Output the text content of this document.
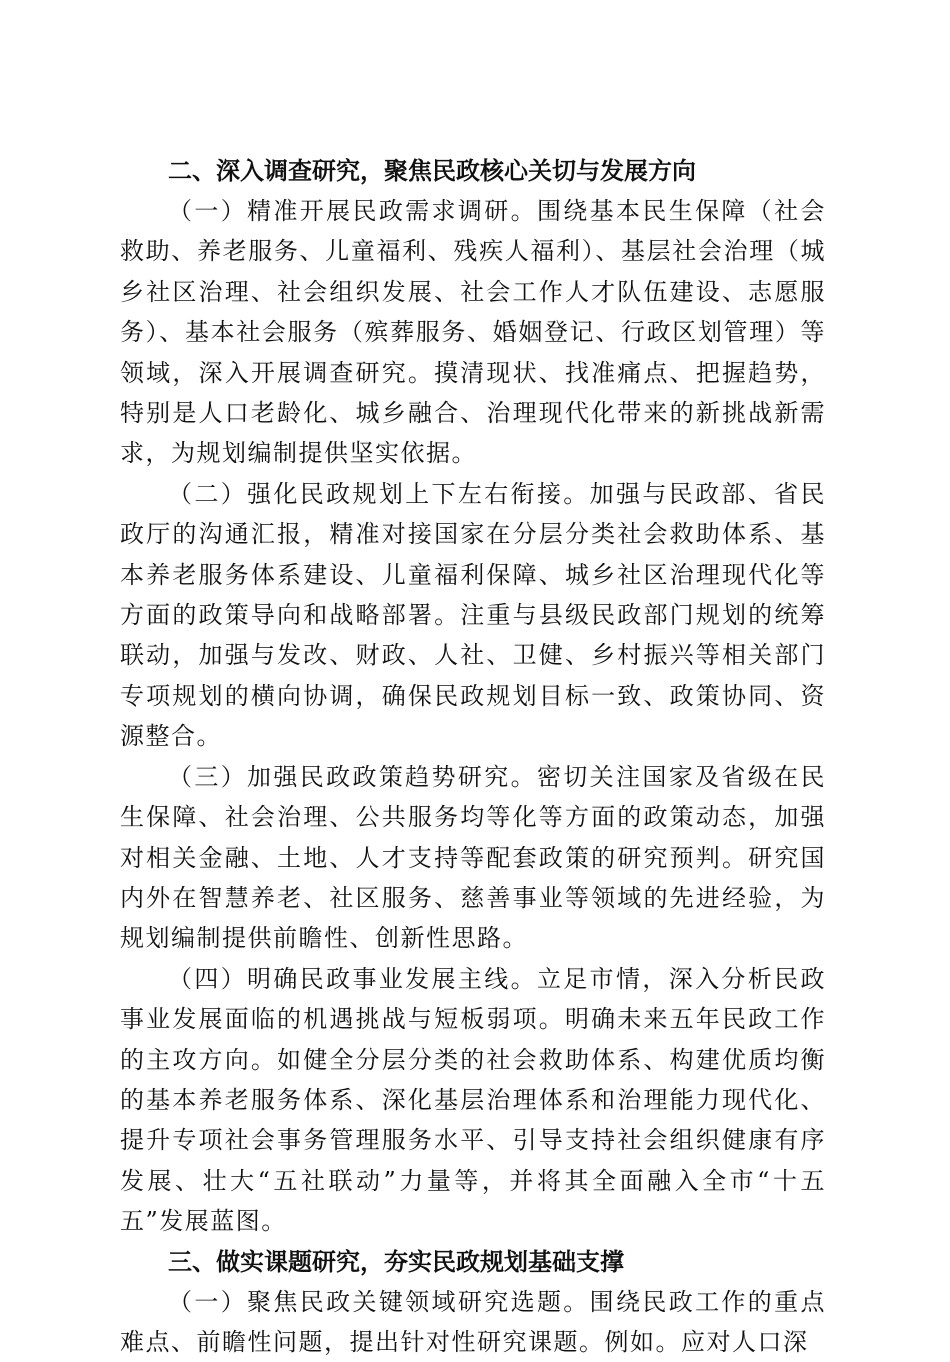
二、深入调查研究，聚焦民政核心关切与发展方向

（一）精准开展民政需求调研。围绕基本民生保障（社会救助、养老服务、儿童福利、残疾人福利）、基层社会治理（城乡社区治理、社会组织发展、社会工作人才队伍建设、志愿服务）、基本社会服务（殡葬服务、婚姻登记、行政区划管理）等领域，深入开展调查研究。摸清现状、找准痛点、把握趋势，特别是人口老龄化、城乡融合、治理现代化带来的新挑战新需求，为规划编制提供坚实依据。

（二）强化民政规划上下左右衔接。加强与民政部、省民政厅的沟通汇报，精准对接国家在分层分类社会救助体系、基本养老服务体系建设、儿童福利保障、城乡社区治理现代化等方面的政策导向和战略部署。注重与县级民政部门规划的统筹联动，加强与发改、财政、人社、卫健、乡村振兴等相关部门专项规划的横向协调，确保民政规划目标一致、政策协同、资源整合。

（三）加强民政政策趋势研究。密切关注国家及省级在民生保障、社会治理、公共服务均等化等方面的政策动态，加强对相关金融、土地、人才支持等配套政策的研究预判。研究国内外在智慧养老、社区服务、慈善事业等领域的先进经验，为规划编制提供前瞻性、创新性思路。

（四）明确民政事业发展主线。立足市情，深入分析民政事业发展面临的机遇挑战与短板弱项。明确未来五年民政工作的主攻方向。如健全分层分类的社会救助体系、构建优质均衡的基本养老服务体系、深化基层治理体系和治理能力现代化、提升专项社会事务管理服务水平、引导支持社会组织健康有序发展、壮大“五社联动”力量等，并将其全面融入全市“十五五”发展蓝图。

三、做实课题研究，夯实民政规划基础支撑

（一）聚焦民政关键领域研究选题。围绕民政工作的重点难点、前瞻性问题，提出针对性研究课题。例如。应对人口深
